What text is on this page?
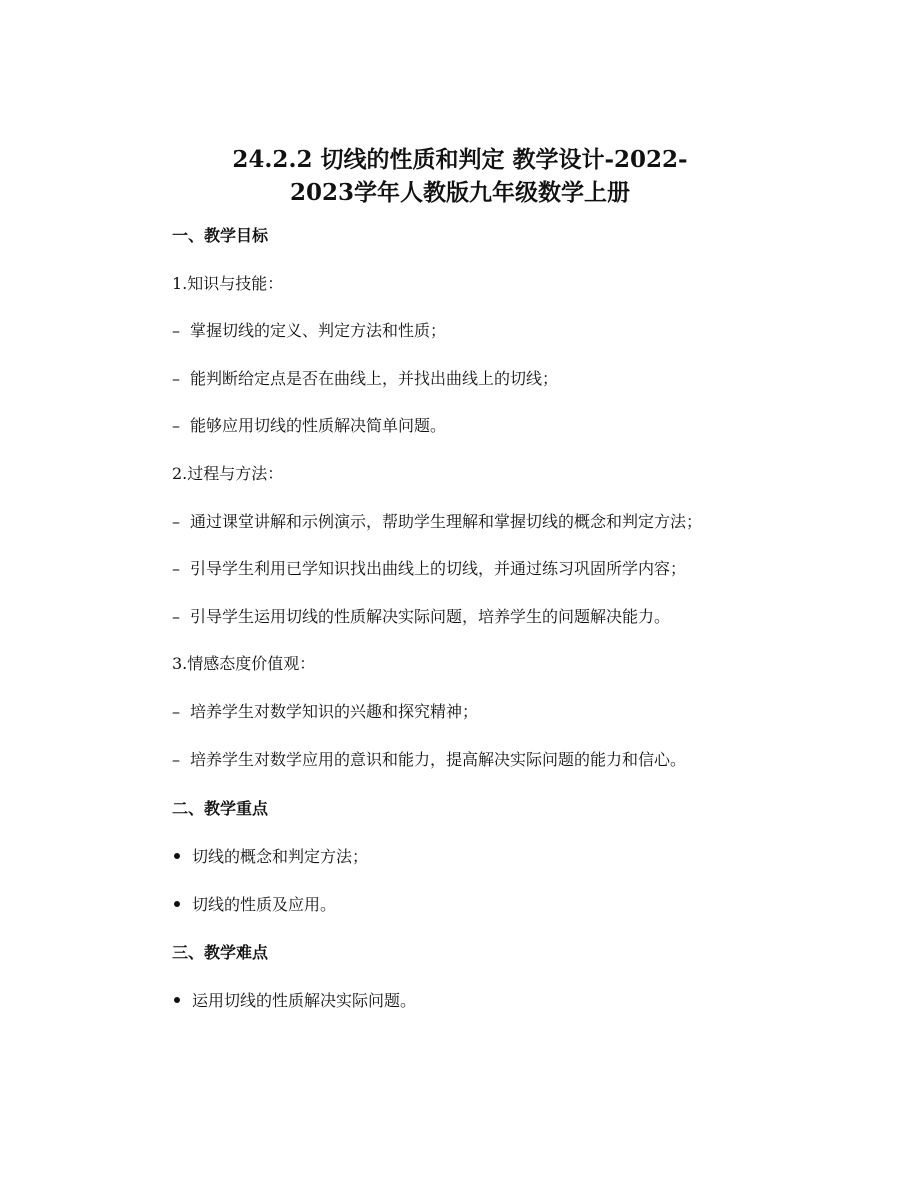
24.2.2 切线的性质和判定 教学设计-2022-
2023学年人教版九年级数学上册
一、教学目标
1.知识与技能：
– 掌握切线的定义、判定方法和性质；
– 能判断给定点是否在曲线上，并找出曲线上的切线；
– 能够应用切线的性质解决简单问题。
2.过程与方法：
– 通过课堂讲解和示例演示，帮助学生理解和掌握切线的概念和判定方法；
– 引导学生利用已学知识找出曲线上的切线，并通过练习巩固所学内容；
– 引导学生运用切线的性质解决实际问题，培养学生的问题解决能力。
3.情感态度价值观：
– 培养学生对数学知识的兴趣和探究精神；
– 培养学生对数学应用的意识和能力，提高解决实际问题的能力和信心。
二、教学重点
切线的概念和判定方法；
切线的性质及应用。
三、教学难点
运用切线的性质解决实际问题。
